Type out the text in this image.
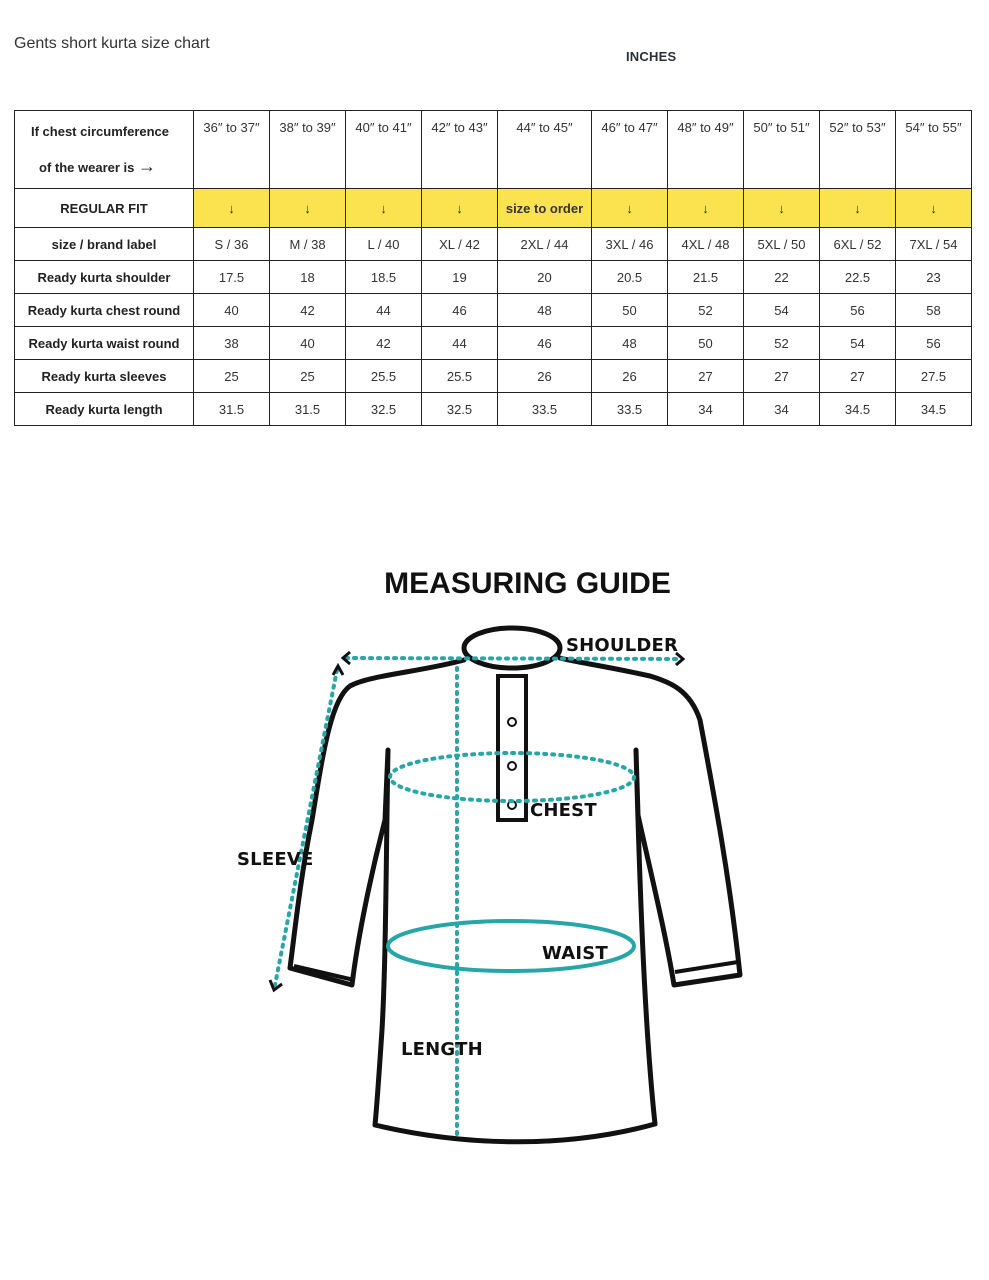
Gents short kurta size chart
INCHES
If chest circumference
of the wearer is →	36″ to 37″	38″ to 39″	40″ to 41″	42″ to 43″	44″ to 45″	46″ to 47″	48″ to 49″	50″ to 51″	52″ to 53″	54″ to 55″
REGULAR FIT	↓	↓	↓	↓	size to order	↓	↓	↓	↓	↓
size / brand label	S / 36	M / 38	L / 40	XL / 42	2XL / 44	3XL / 46	4XL / 48	5XL / 50	6XL / 52	7XL / 54
Ready kurta shoulder	17.5	18	18.5	19	20	20.5	21.5	22	22.5	23
Ready kurta chest round	40	42	44	46	48	50	52	54	56	58
Ready kurta waist round	38	40	42	44	46	48	50	52	54	56
Ready kurta sleeves	25	25	25.5	25.5	26	26	27	27	27	27.5
Ready kurta length	31.5	31.5	32.5	32.5	33.5	33.5	34	34	34.5	34.5
MEASURING GUIDE
SHOULDER
CHEST
SLEEVE
WAIST
LENGTH
